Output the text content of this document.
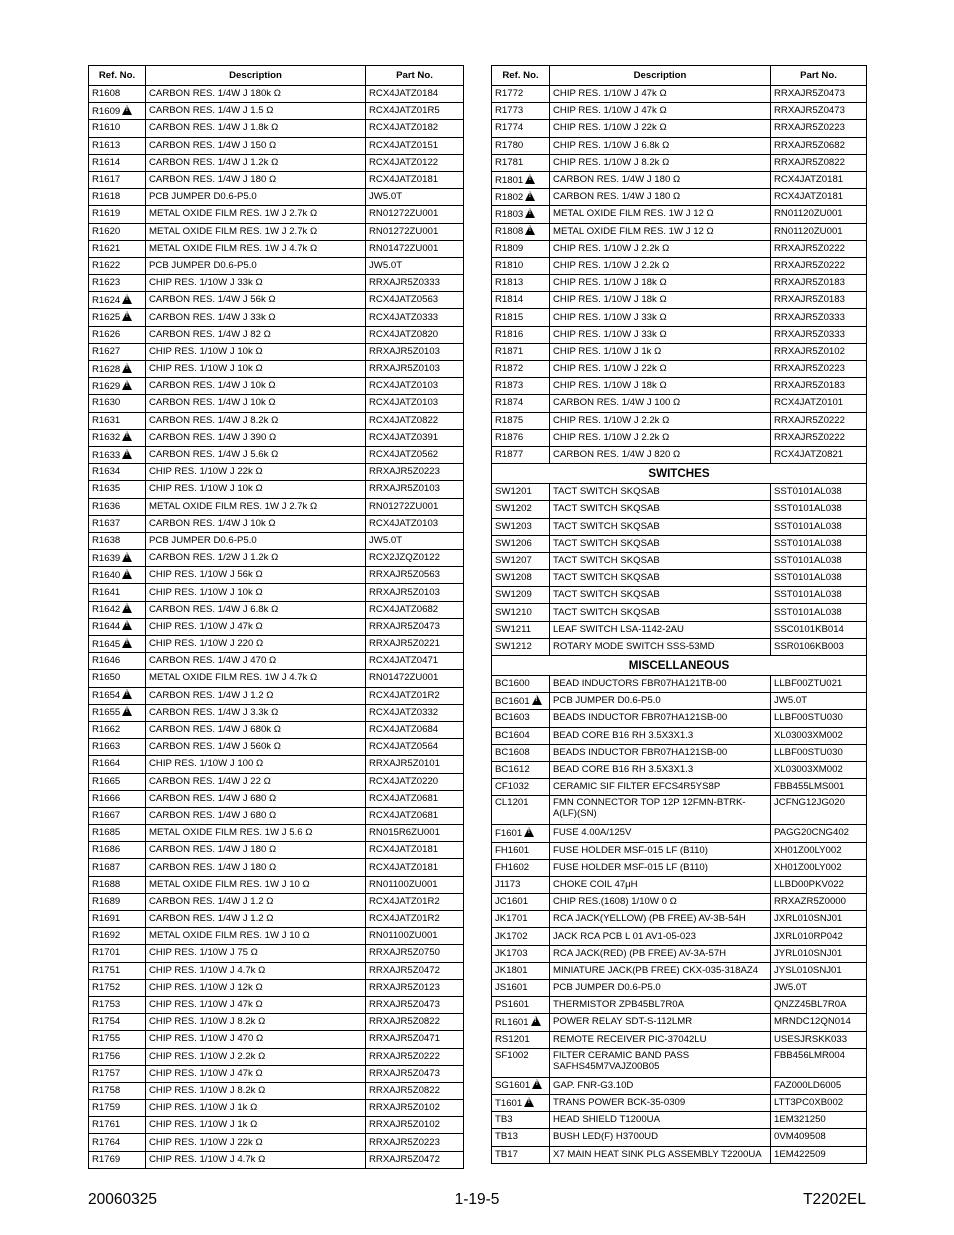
Ref. No.	Description	Part No.
R1608	CARBON RES. 1/4W J 180k Ω	RCX4JATZ0184
R1609!	CARBON RES. 1/4W J 1.5 Ω	RCX4JATZ01R5
R1610	CARBON RES. 1/4W J 1.8k Ω	RCX4JATZ0182
R1613	CARBON RES. 1/4W J 150 Ω	RCX4JATZ0151
R1614	CARBON RES. 1/4W J 1.2k Ω	RCX4JATZ0122
R1617	CARBON RES. 1/4W J 180 Ω	RCX4JATZ0181
R1618	PCB JUMPER D0.6-P5.0	JW5.0T
R1619	METAL OXIDE FILM RES. 1W J 2.7k Ω	RN01272ZU001
R1620	METAL OXIDE FILM RES. 1W J 2.7k Ω	RN01272ZU001
R1621	METAL OXIDE FILM RES. 1W J 4.7k Ω	RN01472ZU001
R1622	PCB JUMPER D0.6-P5.0	JW5.0T
R1623	CHIP RES. 1/10W J 33k Ω	RRXAJR5Z0333
R1624!	CARBON RES. 1/4W J 56k Ω	RCX4JATZ0563
R1625!	CARBON RES. 1/4W J 33k Ω	RCX4JATZ0333
R1626	CARBON RES. 1/4W J 82 Ω	RCX4JATZ0820
R1627	CHIP RES. 1/10W J 10k Ω	RRXAJR5Z0103
R1628!	CHIP RES. 1/10W J 10k Ω	RRXAJR5Z0103
R1629!	CARBON RES. 1/4W J 10k Ω	RCX4JATZ0103
R1630	CARBON RES. 1/4W J 10k Ω	RCX4JATZ0103
R1631	CARBON RES. 1/4W J 8.2k Ω	RCX4JATZ0822
R1632!	CARBON RES. 1/4W J 390 Ω	RCX4JATZ0391
R1633!	CARBON RES. 1/4W J 5.6k Ω	RCX4JATZ0562
R1634	CHIP RES. 1/10W J 22k Ω	RRXAJR5Z0223
R1635	CHIP RES. 1/10W J 10k Ω	RRXAJR5Z0103
R1636	METAL OXIDE FILM RES. 1W J 2.7k Ω	RN01272ZU001
R1637	CARBON RES. 1/4W J 10k Ω	RCX4JATZ0103
R1638	PCB JUMPER D0.6-P5.0	JW5.0T
R1639!	CARBON RES. 1/2W J 1.2k Ω	RCX2JZQZ0122
R1640!	CHIP RES. 1/10W J 56k Ω	RRXAJR5Z0563
R1641	CHIP RES. 1/10W J 10k Ω	RRXAJR5Z0103
R1642!	CARBON RES. 1/4W J 6.8k Ω	RCX4JATZ0682
R1644!	CHIP RES. 1/10W J 47k Ω	RRXAJR5Z0473
R1645!	CHIP RES. 1/10W J 220 Ω	RRXAJR5Z0221
R1646	CARBON RES. 1/4W J 470 Ω	RCX4JATZ0471
R1650	METAL OXIDE FILM RES. 1W J 4.7k Ω	RN01472ZU001
R1654!	CARBON RES. 1/4W J 1.2 Ω	RCX4JATZ01R2
R1655!	CARBON RES. 1/4W J 3.3k Ω	RCX4JATZ0332
R1662	CARBON RES. 1/4W J 680k Ω	RCX4JATZ0684
R1663	CARBON RES. 1/4W J 560k Ω	RCX4JATZ0564
R1664	CHIP RES. 1/10W J 100 Ω	RRXAJR5Z0101
R1665	CARBON RES. 1/4W J 22 Ω	RCX4JATZ0220
R1666	CARBON RES. 1/4W J 680 Ω	RCX4JATZ0681
R1667	CARBON RES. 1/4W J 680 Ω	RCX4JATZ0681
R1685	METAL OXIDE FILM RES. 1W J 5.6 Ω	RN015R6ZU001
R1686	CARBON RES. 1/4W J 180 Ω	RCX4JATZ0181
R1687	CARBON RES. 1/4W J 180 Ω	RCX4JATZ0181
R1688	METAL OXIDE FILM RES. 1W J 10 Ω	RN01100ZU001
R1689	CARBON RES. 1/4W J 1.2 Ω	RCX4JATZ01R2
R1691	CARBON RES. 1/4W J 1.2 Ω	RCX4JATZ01R2
R1692	METAL OXIDE FILM RES. 1W J 10 Ω	RN01100ZU001
R1701	CHIP RES. 1/10W J 75 Ω	RRXAJR5Z0750
R1751	CHIP RES. 1/10W J 4.7k Ω	RRXAJR5Z0472
R1752	CHIP RES. 1/10W J 12k Ω	RRXAJR5Z0123
R1753	CHIP RES. 1/10W J 47k Ω	RRXAJR5Z0473
R1754	CHIP RES. 1/10W J 8.2k Ω	RRXAJR5Z0822
R1755	CHIP RES. 1/10W J 470 Ω	RRXAJR5Z0471
R1756	CHIP RES. 1/10W J 2.2k Ω	RRXAJR5Z0222
R1757	CHIP RES. 1/10W J 47k Ω	RRXAJR5Z0473
R1758	CHIP RES. 1/10W J 8.2k Ω	RRXAJR5Z0822
R1759	CHIP RES. 1/10W J 1k Ω	RRXAJR5Z0102
R1761	CHIP RES. 1/10W J 1k Ω	RRXAJR5Z0102
R1764	CHIP RES. 1/10W J 22k Ω	RRXAJR5Z0223
R1769	CHIP RES. 1/10W J 4.7k Ω	RRXAJR5Z0472
Ref. No.	Description	Part No.
R1772	CHIP RES. 1/10W J 47k Ω	RRXAJR5Z0473
R1773	CHIP RES. 1/10W J 47k Ω	RRXAJR5Z0473
R1774	CHIP RES. 1/10W J 22k Ω	RRXAJR5Z0223
R1780	CHIP RES. 1/10W J 6.8k Ω	RRXAJR5Z0682
R1781	CHIP RES. 1/10W J 8.2k Ω	RRXAJR5Z0822
R1801!	CARBON RES. 1/4W J 180 Ω	RCX4JATZ0181
R1802!	CARBON RES. 1/4W J 180 Ω	RCX4JATZ0181
R1803!	METAL OXIDE FILM RES. 1W J 12 Ω	RN01120ZU001
R1808!	METAL OXIDE FILM RES. 1W J 12 Ω	RN01120ZU001
R1809	CHIP RES. 1/10W J 2.2k Ω	RRXAJR5Z0222
R1810	CHIP RES. 1/10W J 2.2k Ω	RRXAJR5Z0222
R1813	CHIP RES. 1/10W J 18k Ω	RRXAJR5Z0183
R1814	CHIP RES. 1/10W J 18k Ω	RRXAJR5Z0183
R1815	CHIP RES. 1/10W J 33k Ω	RRXAJR5Z0333
R1816	CHIP RES. 1/10W J 33k Ω	RRXAJR5Z0333
R1871	CHIP RES. 1/10W J 1k Ω	RRXAJR5Z0102
R1872	CHIP RES. 1/10W J 22k Ω	RRXAJR5Z0223
R1873	CHIP RES. 1/10W J 18k Ω	RRXAJR5Z0183
R1874	CARBON RES. 1/4W J 100 Ω	RCX4JATZ0101
R1875	CHIP RES. 1/10W J 2.2k Ω	RRXAJR5Z0222
R1876	CHIP RES. 1/10W J 2.2k Ω	RRXAJR5Z0222
R1877	CARBON RES. 1/4W J 820 Ω	RCX4JATZ0821
SWITCHES		
SW1201	TACT SWITCH SKQSAB	SST0101AL038
SW1202	TACT SWITCH SKQSAB	SST0101AL038
SW1203	TACT SWITCH SKQSAB	SST0101AL038
SW1206	TACT SWITCH SKQSAB	SST0101AL038
SW1207	TACT SWITCH SKQSAB	SST0101AL038
SW1208	TACT SWITCH SKQSAB	SST0101AL038
SW1209	TACT SWITCH SKQSAB	SST0101AL038
SW1210	TACT SWITCH SKQSAB	SST0101AL038
SW1211	LEAF SWITCH LSA-1142-2AU	SSC0101KB014
SW1212	ROTARY MODE SWITCH SSS-53MD	SSR0106KB003
MISCELLANEOUS		
BC1600	BEAD INDUCTORS FBR07HA121TB-00	LLBF00ZTU021
BC1601!	PCB JUMPER D0.6-P5.0	JW5.0T
BC1603	BEADS INDUCTOR FBR07HA121SB-00	LLBF00STU030
BC1604	BEAD CORE B16 RH 3.5X3X1.3	XL03003XM002
BC1608	BEADS INDUCTOR FBR07HA121SB-00	LLBF00STU030
BC1612	BEAD CORE B16 RH 3.5X3X1.3	XL03003XM002
CF1032	CERAMIC SIF FILTER EFCS4R5YS8P	FBB455LMS001
CL1201	FMN CONNECTOR TOP 12P 12FMN-BTRK-A(LF)(SN)	JCFNG12JG020
F1601!	FUSE 4.00A/125V	PAGG20CNG402
FH1601	FUSE HOLDER MSF-015 LF (B110)	XH01Z00LY002
FH1602	FUSE HOLDER MSF-015 LF (B110)	XH01Z00LY002
J1173	CHOKE COIL 47μH	LLBD00PKV022
JC1601	CHIP RES.(1608) 1/10W 0 Ω	RRXAZR5Z0000
JK1701	RCA JACK(YELLOW) (PB FREE) AV-3B-54H	JXRL010SNJ01
JK1702	JACK RCA PCB L 01 AV1-05-023	JXRL010RP042
JK1703	RCA JACK(RED) (PB FREE) AV-3A-57H	JYRL010SNJ01
JK1801	MINIATURE JACK(PB FREE) CKX-035-318AZ4	JYSL010SNJ01
JS1601	PCB JUMPER D0.6-P5.0	JW5.0T
PS1601	THERMISTOR ZPB45BL7R0A	QNZZ45BL7R0A
RL1601!	POWER RELAY SDT-S-112LMR	MRNDC12QN014
RS1201	REMOTE RECEIVER PIC-37042LU	USESJRSKK033
SF1002	FILTER CERAMIC BAND PASS SAFHS45M7VAJZ00B05	FBB456LMR004
SG1601!	GAP. FNR-G3.10D	FAZ000LD6005
T1601!	TRANS POWER BCK-35-0309	LTT3PC0XB002
TB3	HEAD SHIELD T1200UA	1EM321250
TB13	BUSH LED(F) H3700UD	0VM409508
TB17	X7 MAIN HEAT SINK PLG ASSEMBLY T2200UA	1EM422509
20060325	1-19-5	T2202EL
